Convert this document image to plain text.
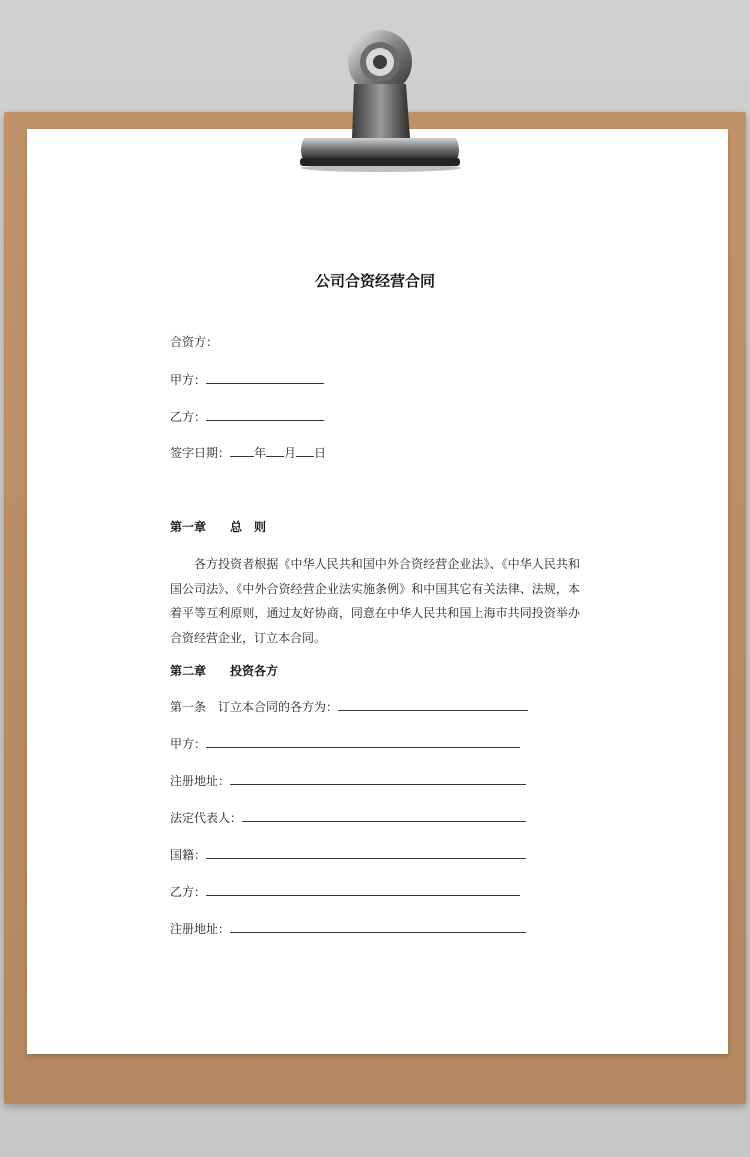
公司合资经营合同
合资方：
甲方：
乙方：
签字日期： 年 月 日
第一章 总　则

各方投资者根据《中华人民共和国中外合资经营企业法》、《中华人民共和国公司法》、《中外合资经营企业法实施条例》和中国其它有关法律、法规，本着平等互利原则，通过友好协商，同意在中华人民共和国上海市共同投资举办合资经营企业，订立本合同。

第二章 投资各方
第一条 订立本合同的各方为：
甲方：
注册地址：
法定代表人：
国籍：
乙方：
注册地址：
